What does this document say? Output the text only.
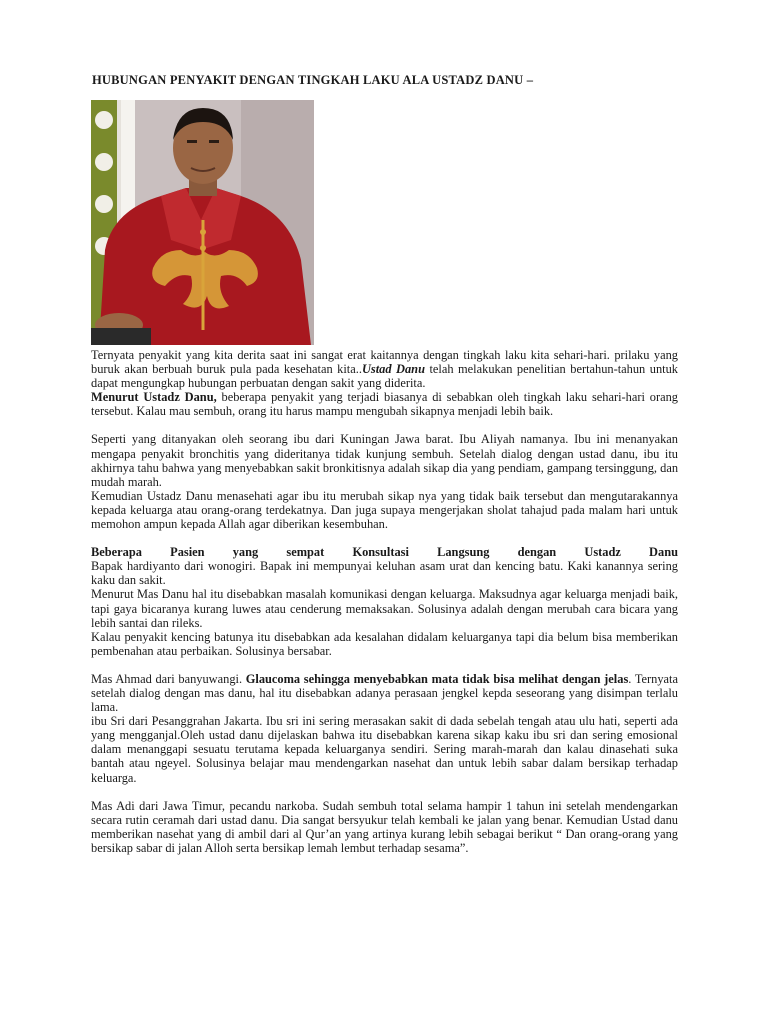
HUBUNGAN PENYAKIT DENGAN TINGKAH LAKU ALA USTADZ DANU –

Ternyata penyakit yang kita derita saat ini sangat erat kaitannya dengan tingkah laku kita sehari-hari. prilaku yang buruk akan berbuah buruk pula pada kesehatan kita..Ustad Danu telah melakukan penelitian bertahun-tahun untuk dapat mengungkap hubungan perbuatan dengan sakit yang diderita.

Menurut Ustadz Danu, beberapa penyakit yang terjadi biasanya di sebabkan oleh tingkah laku sehari-hari orang tersebut. Kalau mau sembuh, orang itu harus mampu mengubah sikapnya menjadi lebih baik.

Seperti yang ditanyakan oleh seorang ibu dari Kuningan Jawa barat. Ibu Aliyah namanya. Ibu ini menanyakan mengapa penyakit bronchitis yang dideritanya tidak kunjung sembuh. Setelah dialog dengan ustad danu, ibu itu akhirnya tahu bahwa yang menyebabkan sakit bronkitisnya adalah sikap dia yang pendiam, gampang tersinggung, dan mudah marah.

Kemudian Ustadz Danu menasehati agar ibu itu merubah sikap nya yang tidak baik tersebut dan mengutarakannya kepada keluarga atau orang-orang terdekatnya. Dan juga supaya mengerjakan sholat tahajud pada malam hari untuk memohon ampun kepada Allah agar diberikan kesembuhan.

Beberapa Pasien yang sempat Konsultasi Langsung dengan Ustadz Danu

Bapak hardiyanto dari wonogiri. Bapak ini mempunyai keluhan asam urat dan kencing batu. Kaki kanannya sering kaku dan sakit.

Menurut Mas Danu hal itu disebabkan masalah komunikasi dengan keluarga. Maksudnya agar keluarga menjadi baik, tapi gaya bicaranya kurang luwes atau cenderung memaksakan. Solusinya adalah dengan merubah cara bicara yang lebih santai dan rileks.

Kalau penyakit kencing batunya itu disebabkan ada kesalahan didalam keluarganya tapi dia belum bisa memberikan pembenahan atau perbaikan. Solusinya bersabar.

Mas Ahmad dari banyuwangi. Glaucoma sehingga menyebabkan mata tidak bisa melihat dengan jelas. Ternyata setelah dialog dengan mas danu, hal itu disebabkan adanya perasaan jengkel kepda seseorang yang disimpan terlalu lama.

ibu Sri dari Pesanggrahan Jakarta. Ibu sri ini sering merasakan sakit di dada sebelah tengah atau ulu hati, seperti ada yang mengganjal.Oleh ustad danu dijelaskan bahwa itu disebabkan karena sikap kaku ibu sri dan sering emosional dalam menanggapi sesuatu terutama kepada keluarganya sendiri. Sering marah-marah dan kalau dinasehati suka bantah atau ngeyel. Solusinya belajar mau mendengarkan nasehat dan untuk lebih sabar dalam bersikap terhadap keluarga.

Mas Adi dari Jawa Timur, pecandu narkoba. Sudah sembuh total selama hampir 1 tahun ini setelah mendengarkan secara rutin ceramah dari ustad danu. Dia sangat bersyukur telah kembali ke jalan yang benar. Kemudian Ustad danu memberikan nasehat yang di ambil dari al Qur’an yang artinya kurang lebih sebagai berikut “ Dan orang-orang yang bersikap sabar di jalan Alloh serta bersikap lemah lembut terhadap sesama”.
